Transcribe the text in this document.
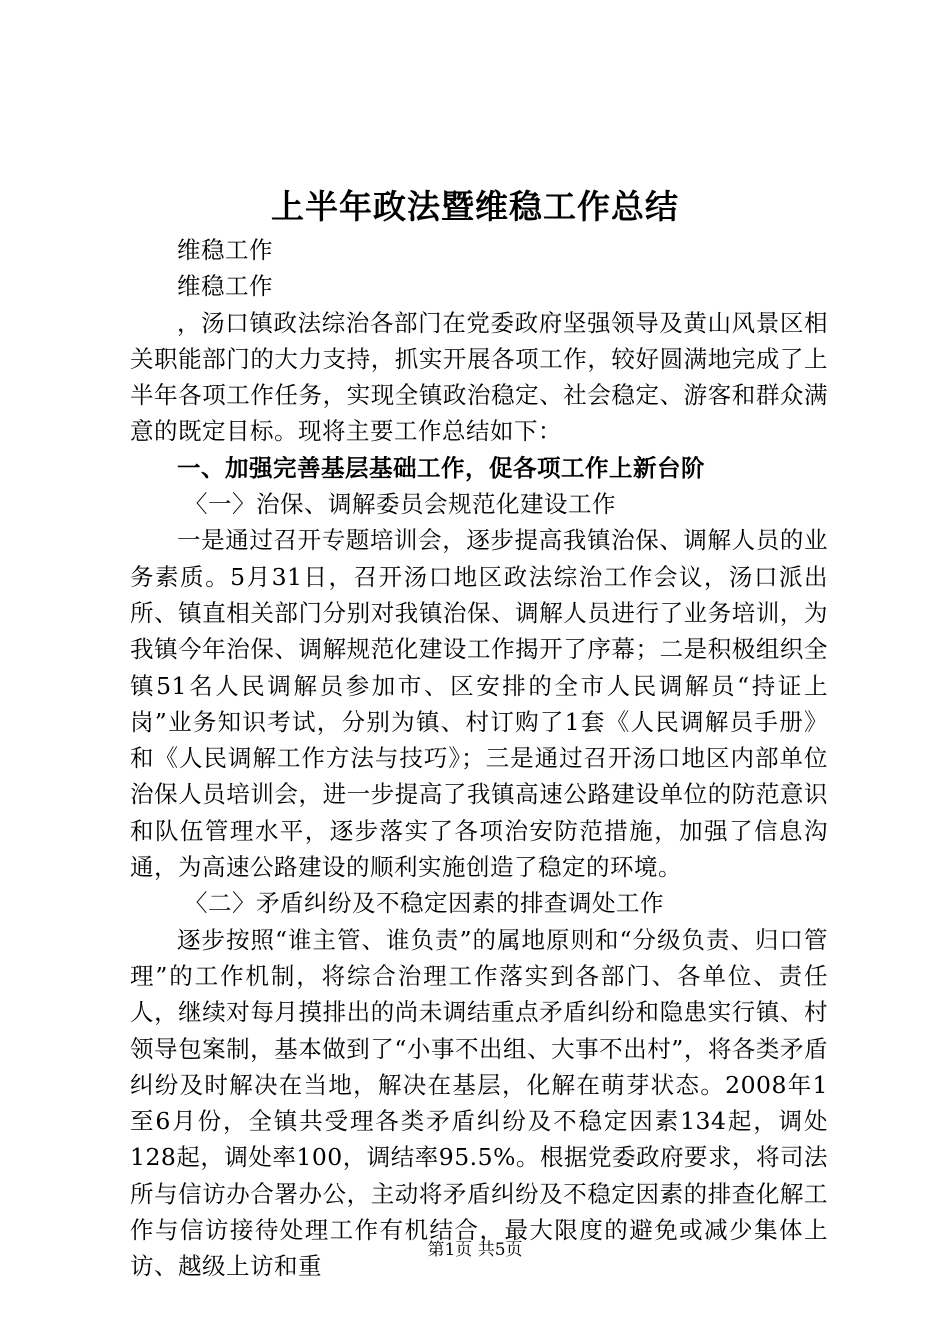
上半年政法暨维稳工作总结

维稳工作

维稳工作

，汤口镇政法综治各部门在党委政府坚强领导及黄山风景区相关职能部门的大力支持，抓实开展各项工作，较好圆满地完成了上半年各项工作任务，实现全镇政治稳定、社会稳定、游客和群众满意的既定目标。现将主要工作总结如下：

一、加强完善基层基础工作，促各项工作上新台阶

〈一〉治保、调解委员会规范化建设工作

一是通过召开专题培训会，逐步提高我镇治保、调解人员的业务素质。5月31日，召开汤口地区政法综治工作会议，汤口派出所、镇直相关部门分别对我镇治保、调解人员进行了业务培训，为我镇今年治保、调解规范化建设工作揭开了序幕；二是积极组织全镇51名人民调解员参加市、区安排的全市人民调解员“持证上岗”业务知识考试，分别为镇、村订购了1套《人民调解员手册》和《人民调解工作方法与技巧》；三是通过召开汤口地区内部单位治保人员培训会，进一步提高了我镇高速公路建设单位的防范意识和队伍管理水平，逐步落实了各项治安防范措施，加强了信息沟通，为高速公路建设的顺利实施创造了稳定的环境。

〈二〉矛盾纠纷及不稳定因素的排查调处工作

逐步按照“谁主管、谁负责”的属地原则和“分级负责、归口管理”的工作机制，将综合治理工作落实到各部门、各单位、责任人，继续对每月摸排出的尚未调结重点矛盾纠纷和隐患实行镇、村领导包案制，基本做到了“小事不出组、大事不出村”，将各类矛盾纠纷及时解决在当地，解决在基层，化解在萌芽状态。2008年1至6月份，全镇共受理各类矛盾纠纷及不稳定因素134起，调处128起，调处率100，调结率95.5%。根据党委政府要求，将司法所与信访办合署办公，主动将矛盾纠纷及不稳定因素的排查化解工作与信访接待处理工作有机结合，最大限度的避免或减少集体上访、越级上访和重

第1页 共5页
